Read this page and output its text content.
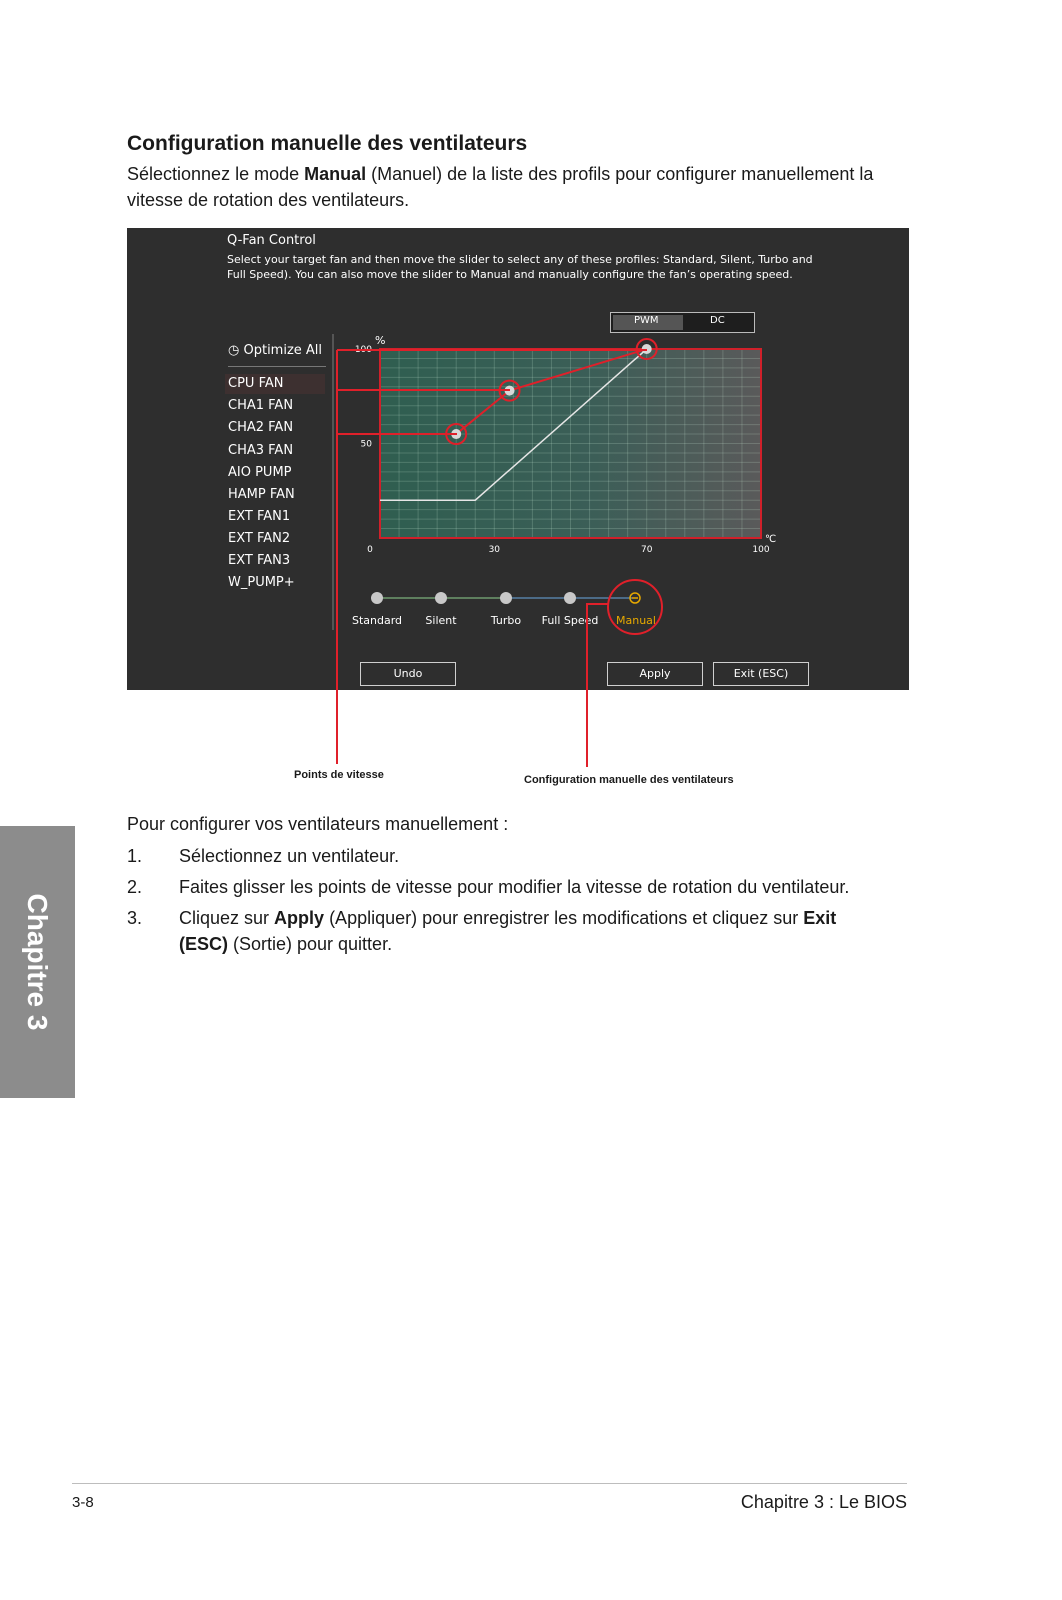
Configuration manuelle des ventilateurs
Sélectionnez le mode Manual (Manuel) de la liste des profils pour configurer manuellement la vitesse de rotation des ventilateurs.
Q-Fan Control
Select your target fan and then move the slider to select any of these profiles: Standard, Silent, Turbo and Full Speed). You can also move the slider to Manual and manually configure the fan’s operating speed.
PWM	DC
◷ Optimize All
CPU FAN
CHA1 FAN
CHA2 FAN
CHA3 FAN
AIO PUMP
HAMP FAN
EXT FAN1
EXT FAN2
EXT FAN3
W_PUMP+
%
℃
0	30	70	100
50
100
Standard Silent	Turbo Full Speed Manual
Undo	Apply	Exit (ESC)
Points de vitesse	Configuration manuelle des ventilateurs
Pour configurer vos ventilateurs manuellement :
1. Sélectionnez un ventilateur.
2. Faites glisser les points de vitesse pour modifier la vitesse de rotation du ventilateur.
3. Cliquez sur Apply (Appliquer) pour enregistrer les modifications et cliquez sur Exit (ESC) (Sortie) pour quitter.
Chapitre 3
3-8	Chapitre 3 : Le BIOS
